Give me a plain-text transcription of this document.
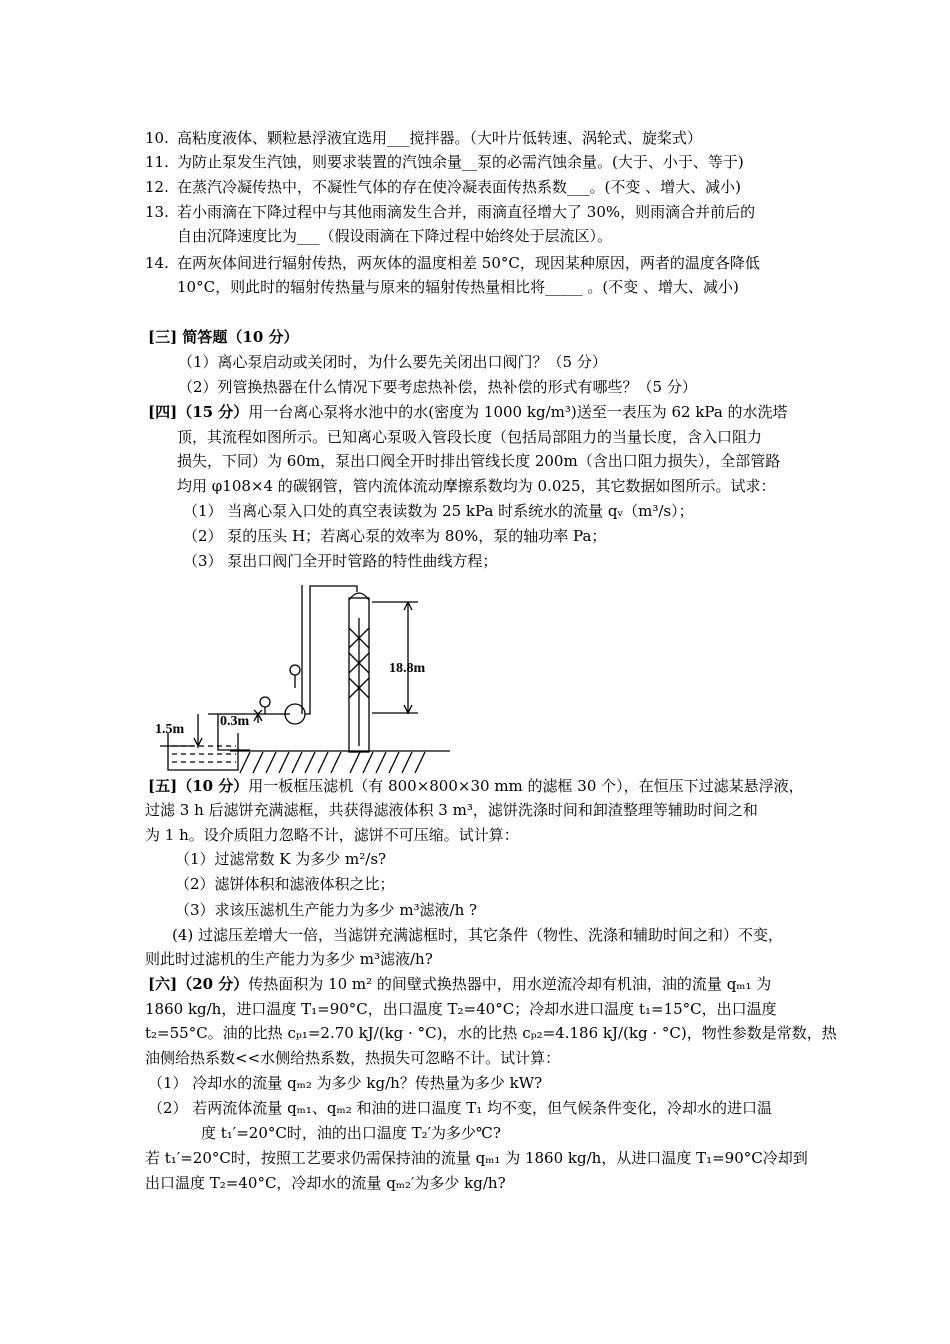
10. 高粘度液体、颗粒悬浮液宜选用___搅拌器。（大叶片低转速、涡轮式、旋桨式）
11. 为防止泵发生汽蚀，则要求装置的汽蚀余量__泵的必需汽蚀余量。(大于、小于、等于)
12. 在蒸汽冷凝传热中，不凝性气体的存在使冷凝表面传热系数___。(不变 、增大、减小)
13. 若小雨滴在下降过程中与其他雨滴发生合并，雨滴直径增大了 30%，则雨滴合并前后的
自由沉降速度比为___（假设雨滴在下降过程中始终处于层流区）。
14. 在两灰体间进行辐射传热，两灰体的温度相差 50°C，现因某种原因，两者的温度各降低
10°C，则此时的辐射传热量与原来的辐射传热量相比将_____ 。(不变 、增大、减小)
[三] 简答题（10 分）
（1）离心泵启动或关闭时，为什么要先关闭出口阀门？（5 分）
（2）列管换热器在什么情况下要考虑热补偿，热补偿的形式有哪些？（5 分）
[四]（15 分）用一台离心泵将水池中的水(密度为 1000 kg/m³)送至一表压为 62 kPa 的水洗塔
顶，其流程如图所示。已知离心泵吸入管段长度（包括局部阻力的当量长度，含入口阻力
损失，下同）为 60m，泵出口阀全开时排出管线长度 200m（含出口阻力损失），全部管路
均用 φ108×4 的碳钢管，管内流体流动摩擦系数均为 0.025，其它数据如图所示。试求：
（1） 当离心泵入口处的真空表读数为 25 kPa 时系统水的流量 qᵥ（m³/s）；
（2） 泵的压头 H；若离心泵的效率为 80%，泵的轴功率 Pa；
（3） 泵出口阀门全开时管路的特性曲线方程；
18.8m
1.5m
0.3m
[五]（10 分）用一板框压滤机（有 800×800×30 mm 的滤框 30 个），在恒压下过滤某悬浮液，
过滤 3 h 后滤饼充满滤框，共获得滤液体积 3 m³，滤饼洗涤时间和卸渣整理等辅助时间之和
为 1 h。设介质阻力忽略不计，滤饼不可压缩。试计算：
（1）过滤常数 K 为多少 m²/s?
（2）滤饼体积和滤液体积之比；
（3）求该压滤机生产能力为多少 m³滤液/h ?
(4) 过滤压差增大一倍，当滤饼充满滤框时，其它条件（物性、洗涤和辅助时间之和）不变，
则此时过滤机的生产能力为多少 m³滤液/h?
[六]（20 分）传热面积为 10 m² 的间壁式换热器中，用水逆流冷却有机油，油的流量 qₘ₁ 为
1860 kg/h，进口温度 T₁=90°C，出口温度 T₂=40°C；冷却水进口温度 t₁=15°C，出口温度
t₂=55°C。油的比热 cₚ₁=2.70 kJ/(kg · °C)，水的比热 cₚ₂=4.186 kJ/(kg · °C)，物性参数是常数，热
油侧给热系数<<水侧给热系数，热损失可忽略不计。试计算：
（1） 冷却水的流量 qₘ₂ 为多少 kg/h？传热量为多少 kW?
（2） 若两流体流量 qₘ₁、qₘ₂ 和油的进口温度 T₁ 均不变，但气候条件变化，冷却水的进口温
度 t₁′=20°C时，油的出口温度 T₂′为多少℃?
若 t₁′=20°C时，按照工艺要求仍需保持油的流量 qₘ₁ 为 1860 kg/h，从进口温度 T₁=90°C冷却到
出口温度 T₂=40°C，冷却水的流量 qₘ₂′为多少 kg/h?
